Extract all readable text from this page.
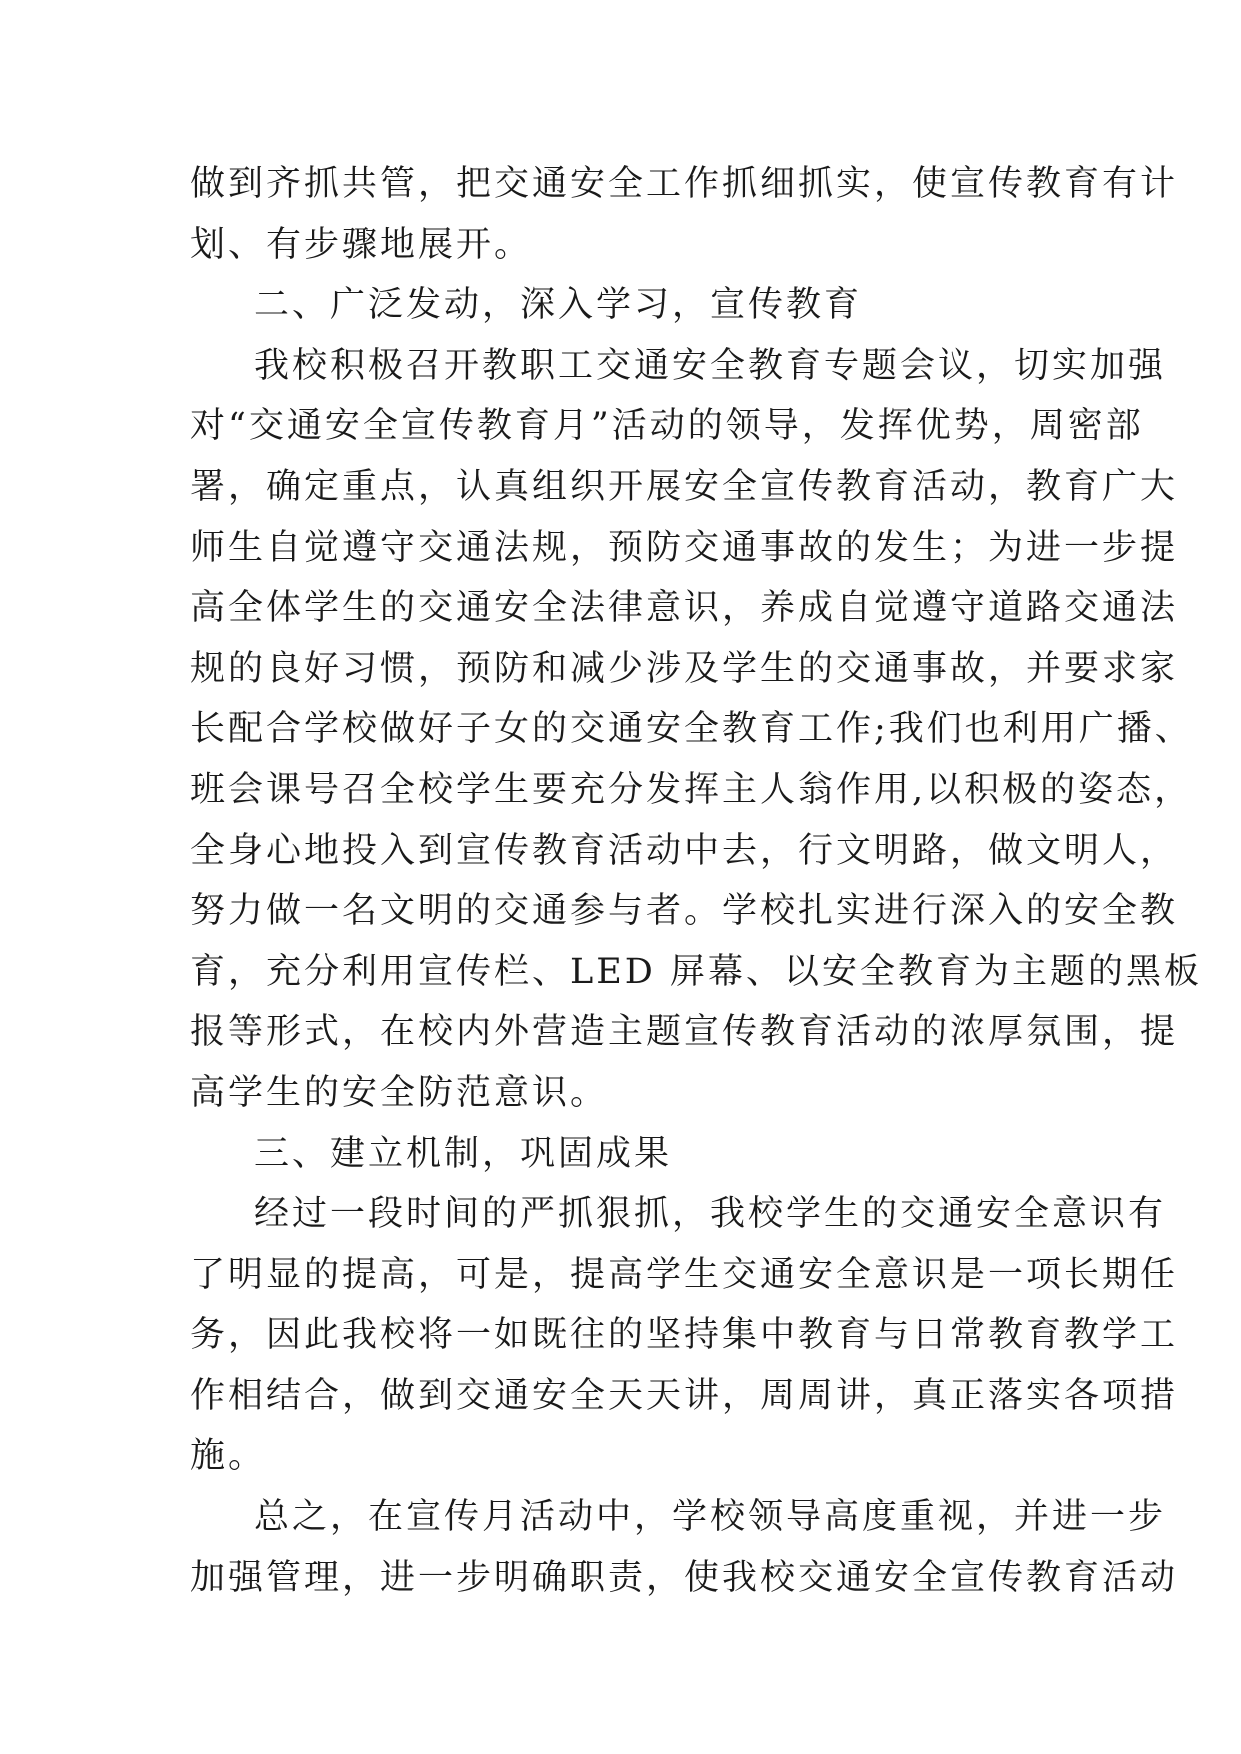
做到齐抓共管，把交通安全工作抓细抓实，使宣传教育有计
划、有步骤地展开。
二、广泛发动，深入学习，宣传教育
我校积极召开教职工交通安全教育专题会议，切实加强
对“交通安全宣传教育月”活动的领导，发挥优势，周密部
署，确定重点，认真组织开展安全宣传教育活动，教育广大
师生自觉遵守交通法规，预防交通事故的发生；为进一步提
高全体学生的交通安全法律意识，养成自觉遵守道路交通法
规的良好习惯，预防和减少涉及学生的交通事故，并要求家
长配合学校做好子女的交通安全教育工作;我们也利用广播、
班会课号召全校学生要充分发挥主人翁作用,以积极的姿态，
全身心地投入到宣传教育活动中去，行文明路，做文明人，
努力做一名文明的交通参与者。学校扎实进行深入的安全教
育，充分利用宣传栏、LED 屏幕、以安全教育为主题的黑板
报等形式，在校内外营造主题宣传教育活动的浓厚氛围，提
高学生的安全防范意识。
三、建立机制，巩固成果
经过一段时间的严抓狠抓，我校学生的交通安全意识有
了明显的提高，可是，提高学生交通安全意识是一项长期任
务，因此我校将一如既往的坚持集中教育与日常教育教学工
作相结合，做到交通安全天天讲，周周讲，真正落实各项措
施。
总之，在宣传月活动中，学校领导高度重视，并进一步
加强管理，进一步明确职责，使我校交通安全宣传教育活动
